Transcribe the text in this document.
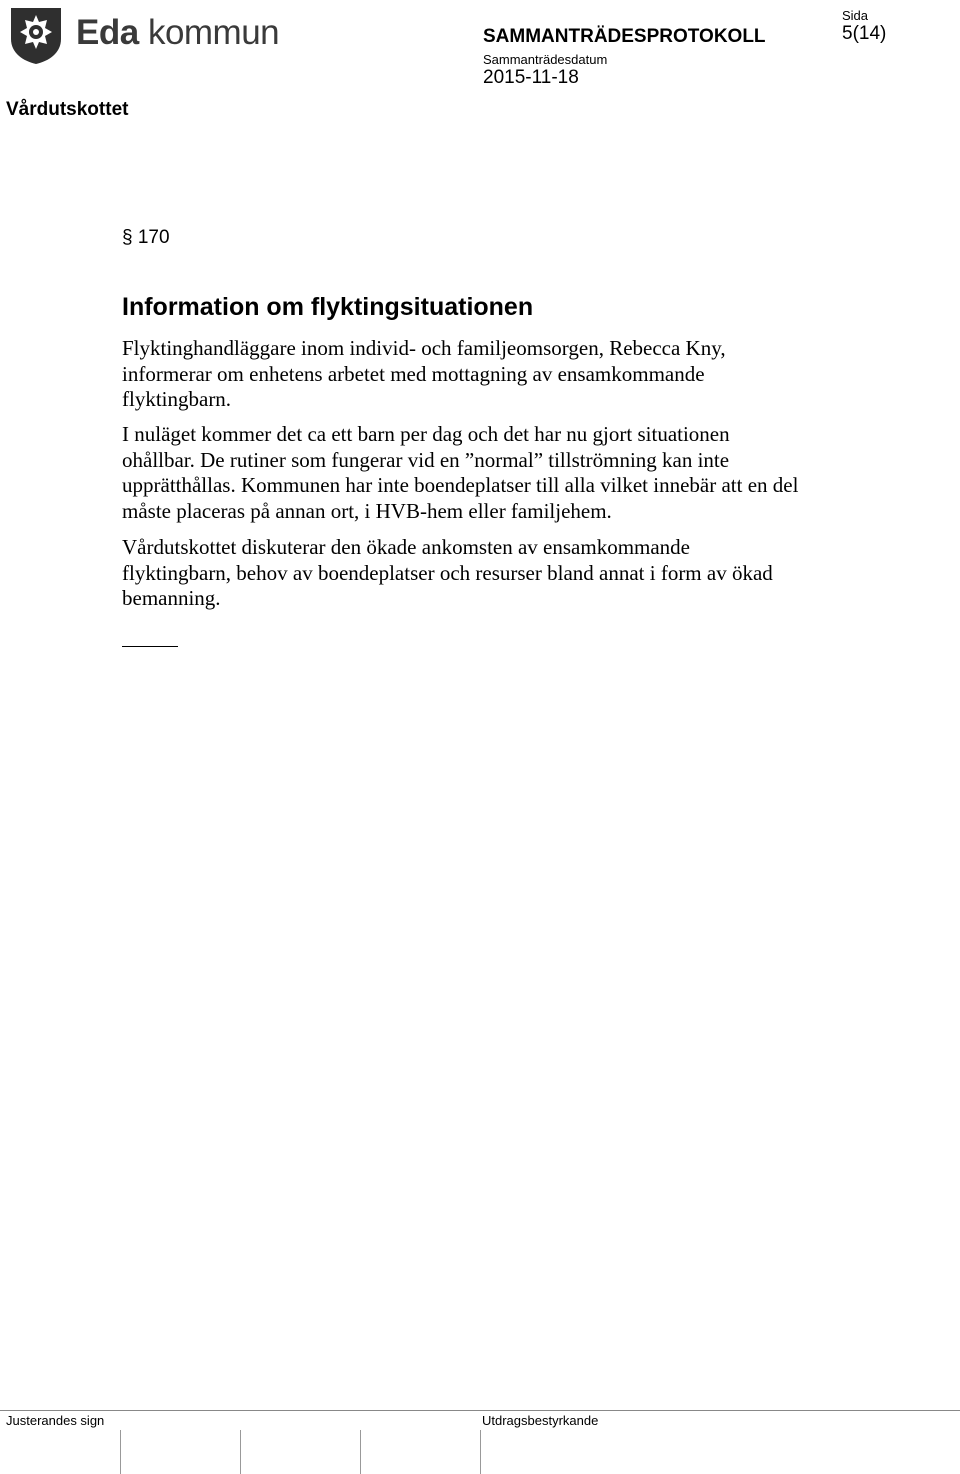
Eda kommun	SAMMANTRÄDESPROTOKOLL
Sammanträdesdatum
2015-11-18
Sida
5(14)
Vårdutskottet
§ 170
Information om flyktingsituationen

Flyktinghandläggare inom individ- och familjeomsorgen, Rebecca Kny, informerar om enhetens arbetet med mottagning av ensamkommande flyktingbarn.

I nuläget kommer det ca ett barn per dag och det har nu gjort situationen ohållbar. De rutiner som fungerar vid en ”normal” tillströmning kan inte upprätthållas. Kommunen har inte boendeplatser till alla vilket innebär att en del måste placeras på annan ort, i HVB-hem eller familjehem.

Vårdutskottet diskuterar den ökade ankomsten av ensamkommande flyktingbarn, behov av boendeplatser och resurser bland annat i form av ökad bemanning.

Justerandes sign	Utdragsbestyrkande
